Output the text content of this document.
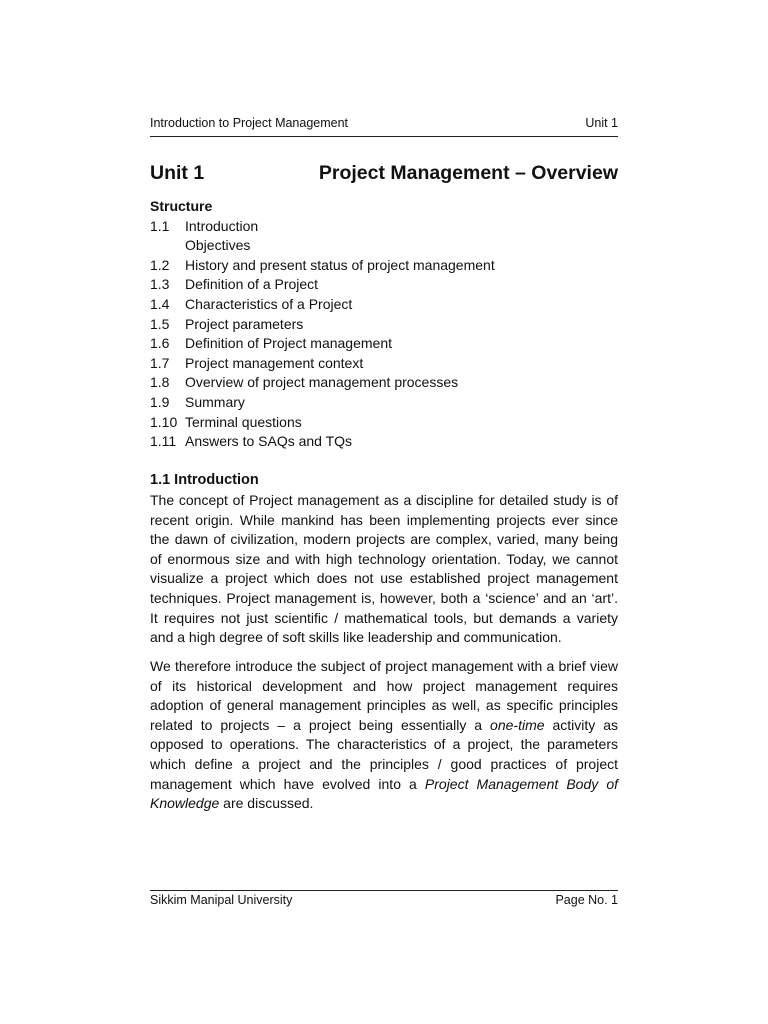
Introduction to Project Management	Unit 1
Unit 1	Project Management – Overview
Structure
1.1 Introduction
Objectives
1.2 History and present status of project management
1.3 Definition of a Project
1.4 Characteristics of a Project
1.5 Project parameters
1.6 Definition of Project management
1.7 Project management context
1.8 Overview of project management processes
1.9 Summary
1.10 Terminal questions
1.11 Answers to SAQs and TQs
1.1 Introduction

The concept of Project management as a discipline for detailed study is of recent origin. While mankind has been implementing projects ever since the dawn of civilization, modern projects are complex, varied, many being of enormous size and with high technology orientation. Today, we cannot visualize a project which does not use established project management techniques. Project management is, however, both a ‘science’ and an ‘art’. It requires not just scientific / mathematical tools, but demands a variety and a high degree of soft skills like leadership and communication.

We therefore introduce the subject of project management with a brief view of its historical development and how project management requires adoption of general management principles as well, as specific principles related to projects – a project being essentially a one-time activity as opposed to operations. The characteristics of a project, the parameters which define a project and the principles / good practices of project management which have evolved into a Project Management Body of Knowledge are discussed.

Sikkim Manipal University	Page No. 1
